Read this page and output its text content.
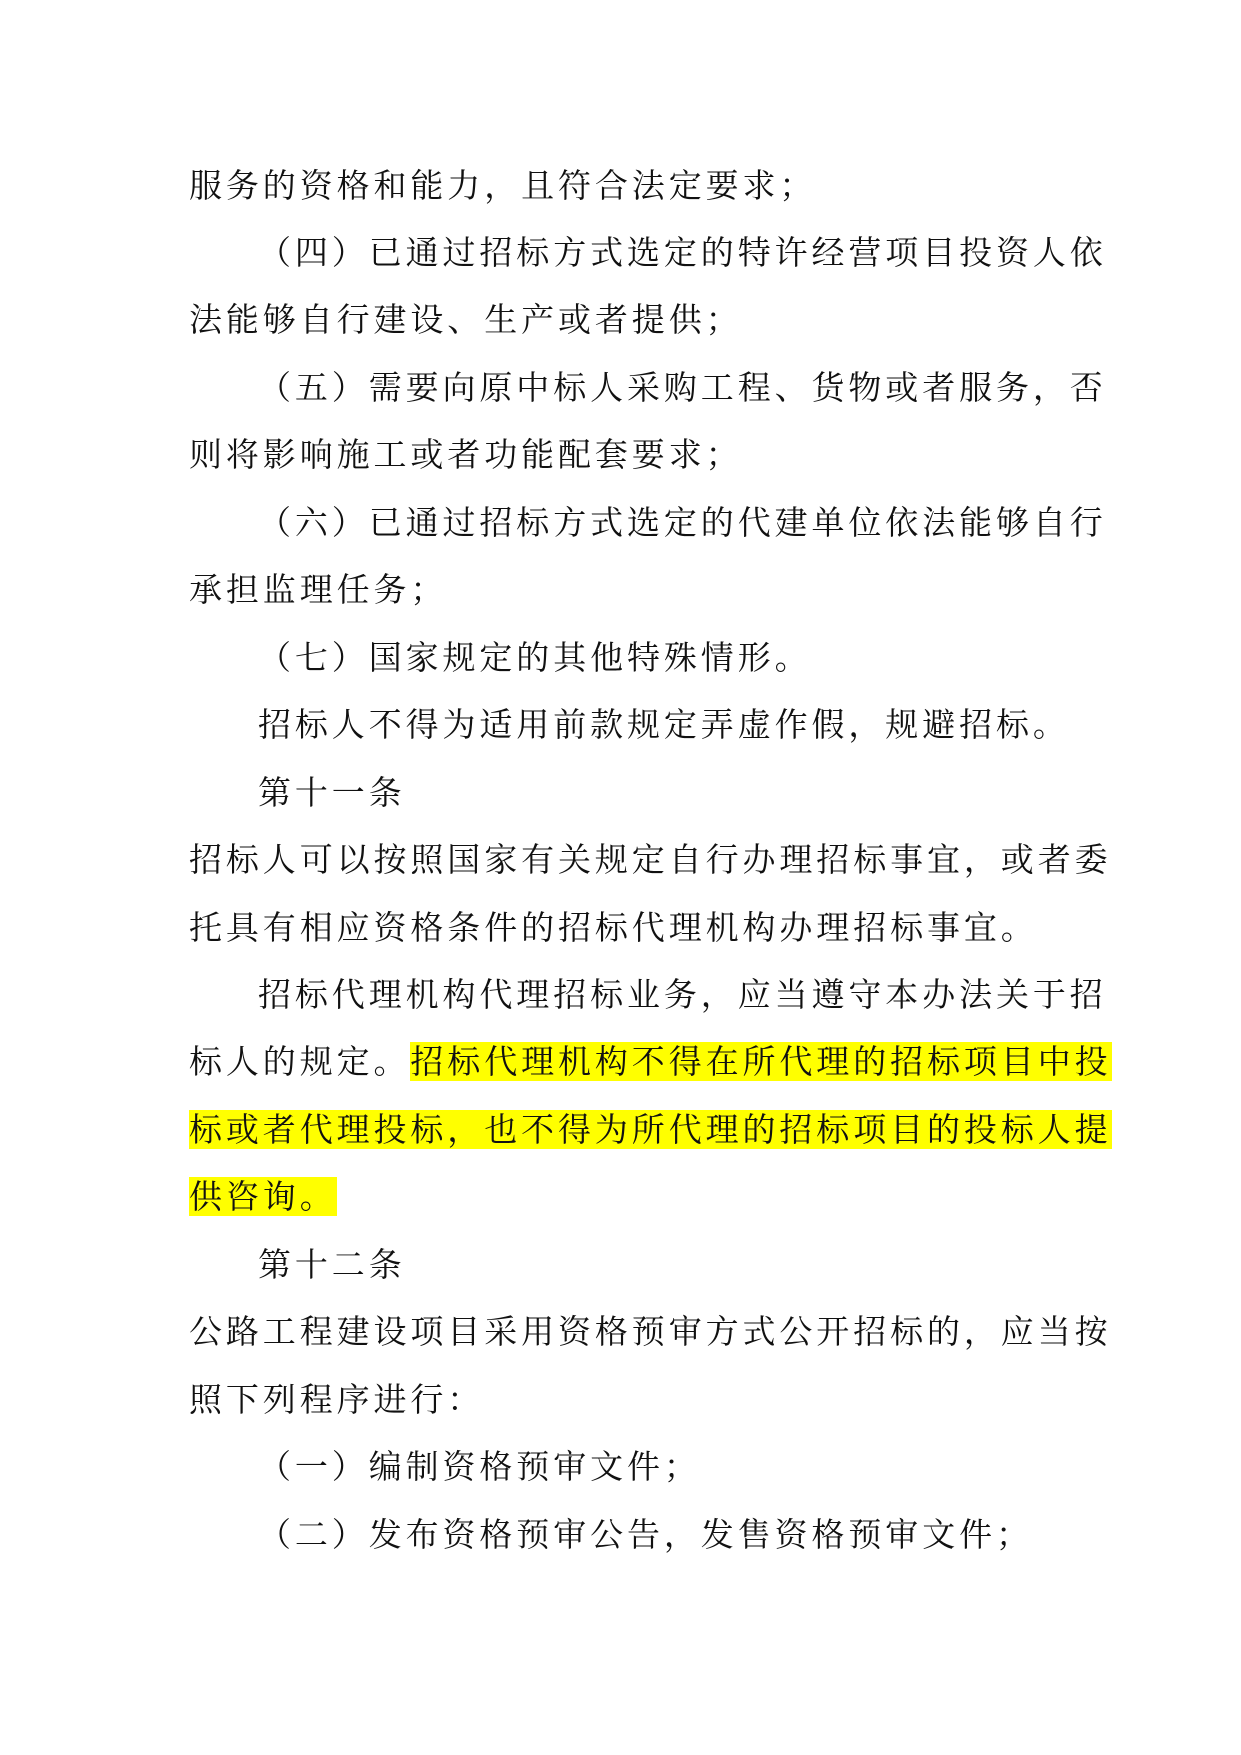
服务的资格和能力，且符合法定要求；

（四）已通过招标方式选定的特许经营项目投资人依

法能够自行建设、生产或者提供；

（五）需要向原中标人采购工程、货物或者服务，否

则将影响施工或者功能配套要求；

（六）已通过招标方式选定的代建单位依法能够自行

承担监理任务；

（七）国家规定的其他特殊情形。

招标人不得为适用前款规定弄虚作假，规避招标。

第十一条

招标人可以按照国家有关规定自行办理招标事宜，或者委

托具有相应资格条件的招标代理机构办理招标事宜。

招标代理机构代理招标业务，应当遵守本办法关于招

标人的规定。招标代理机构不得在所代理的招标项目中投

标或者代理投标，也不得为所代理的招标项目的投标人提

供咨询。

第十二条

公路工程建设项目采用资格预审方式公开招标的，应当按

照下列程序进行：

（一）编制资格预审文件；

（二）发布资格预审公告，发售资格预审文件；
